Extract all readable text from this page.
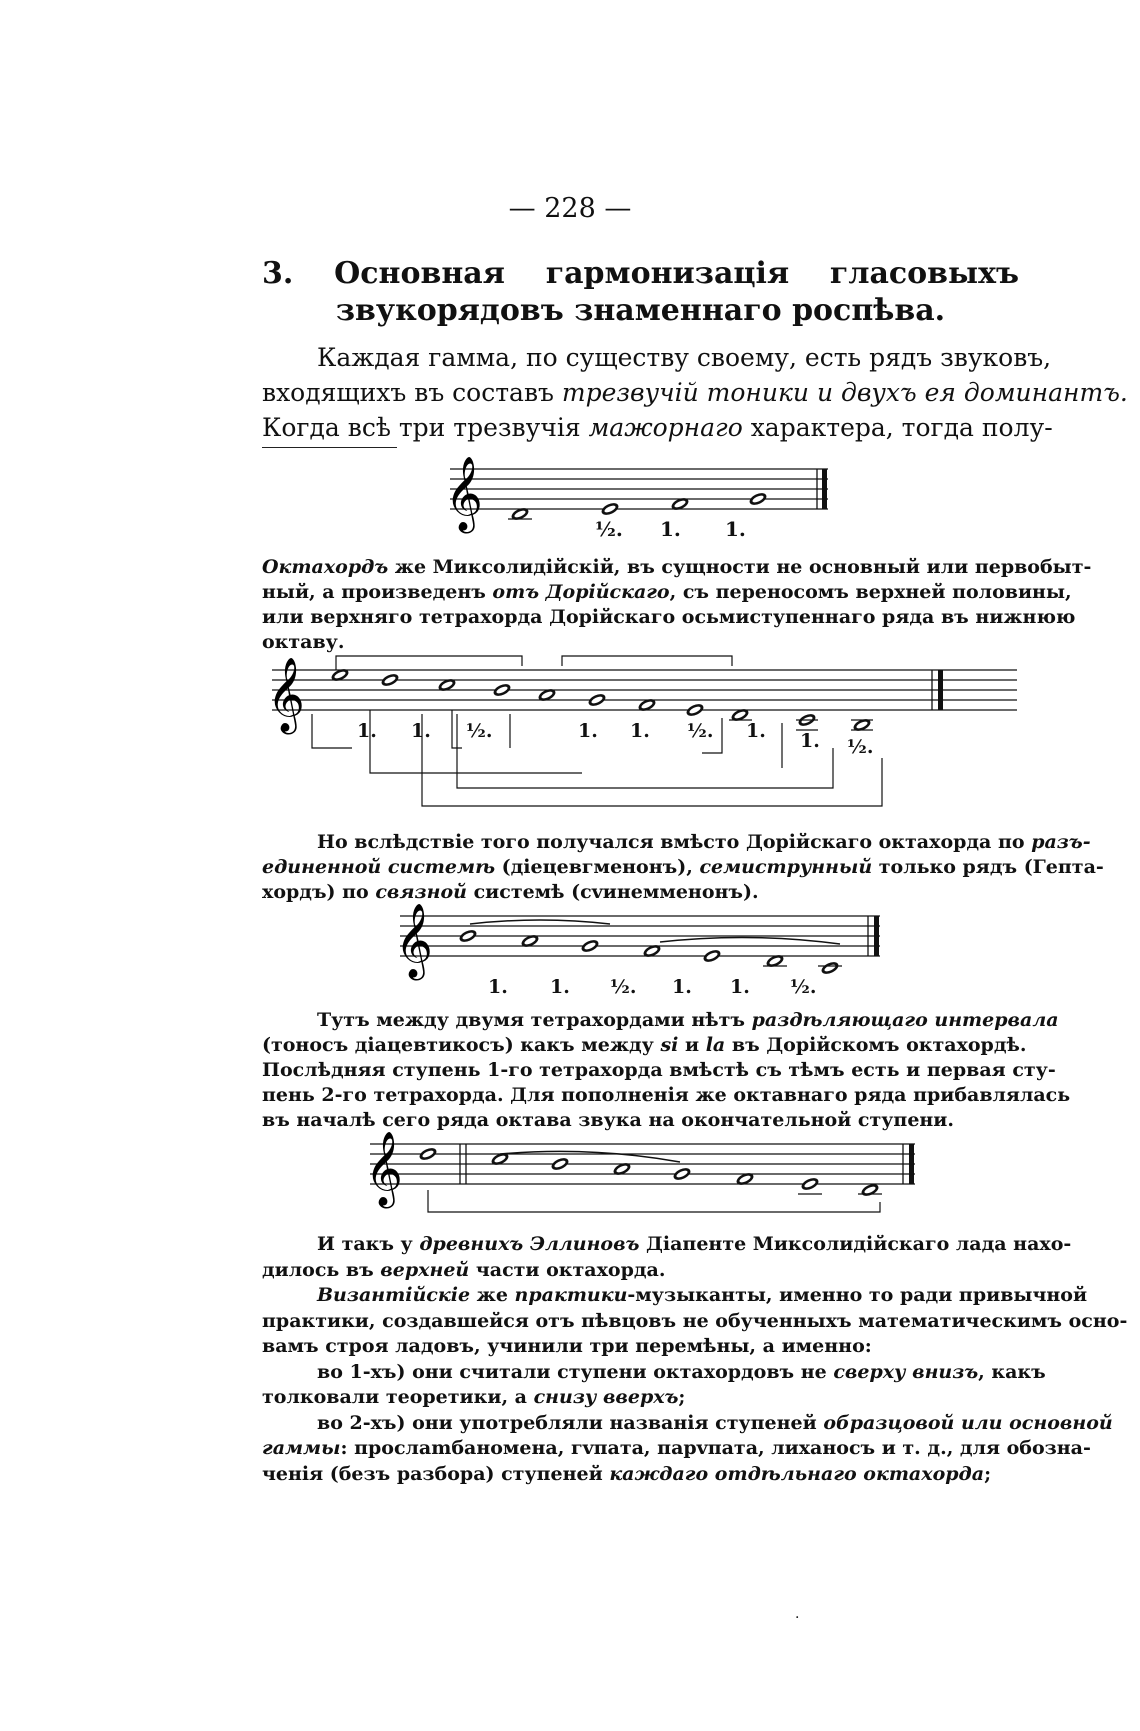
— 228 —
3. Основная гармонизація гласовыхъ звукорядовъ знаменнаго роспѣва.
Каждая гамма, по существу своему, есть рядъ звуковъ,
входящихъ въ составъ трезвучій тоники и двухъ ея доминантъ.
Когда всѣ три трезвучія мажорнаго характера, тогда полу-
𝄞	½. 1. 1.
Октахордъ же Миксолидійскій, въ сущности не основный или первобыт-
ный, а произведенъ отъ Дорійскаго, съ переносомъ верхней половины,
или верхняго тетрахорда Дорійскаго осьмиступеннаго ряда въ нижнюю
октаву.
𝄞	1. 1. ½.	1. 1. ½. 1. 1. ½.
Но вслѣдствіе того получался вмѣсто Дорійскаго октахорда по разъ-
единенной системѣ (діецевгменонъ), семиструнный только рядъ (Гепта-
хордъ) по связной системѣ (сvинемменонъ).
𝄞
1. 1. ½. 1. 1. ½.
Тутъ между двумя тетрахордами нѣтъ раздѣляющаго интервала
(тоносъ діацевтикосъ) какъ между si и la въ Дорійскомъ октахордѣ.
Послѣдняя ступень 1-го тетрахорда вмѣстѣ съ тѣмъ есть и первая сту-
пень 2-го тетрахорда. Для пополненія же октавнаго ряда прибавлялась
въ началѣ сего ряда октава звука на окончательной ступени.
𝄞
И такъ у древнихъ Эллиновъ Діапенте Миксолидійскаго лада нахо-
дилось въ верхней части октахорда.
Византійскіе же практики-музыканты, именно то ради привычной
практики, создавшейся отъ пѣвцовъ не обученныхъ математическимъ осно-
вамъ строя ладовъ, учинили три перемѣны, а именно:
во 1-хъ) они считали ступени октахордовъ не сверху внизъ, какъ
толковали теоретики, а снизу вверхъ;
во 2-хъ) они употребляли названія ступеней образцовой или основной
гаммы: прослamбаномена, гvпата, парvпата, лиханосъ и т. д., для обозна-
ченія (безъ разбора) ступеней каждаго отдѣльнаго октахорда;
·
